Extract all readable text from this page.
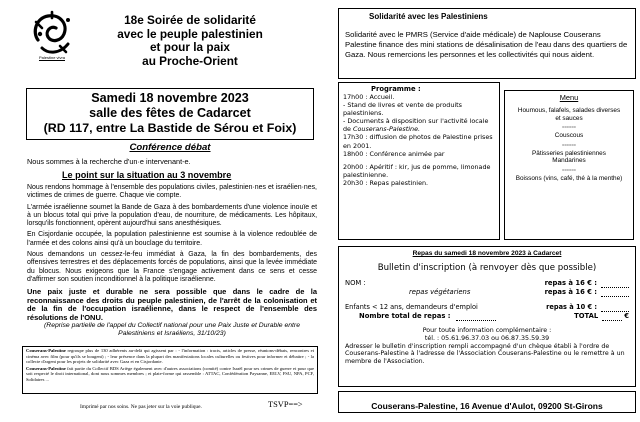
Palestine vivra
18e Soirée de solidarité
avec le peuple palestinien
et pour la paix
au Proche-Orient
Samedi 18 novembre 2023
salle des fêtes de Cadarcet
(RD 117, entre La Bastide de Sérou et Foix)
Conférence débat
Nous sommes à la recherche d'un·e intervenant-e.
Le point sur la situation au 3 novembre

Nous rendons hommage à l'ensemble des populations civiles, palestinien·nes et israélien·nes, victimes de crimes de guerre. Chaque vie compte.

L'armée israélienne soumet la Bande de Gaza à des bombardements d'une violence inouïe et à un blocus total qui prive la population d'eau, de nourriture, de médicaments. Les hôpitaux, lorsqu'ils fonctionnent, opèrent aujourd'hui sans anesthésiques.

En Cisjordanie occupée, la population palestinienne est soumise à la violence redoublée de l'armée et des colons ainsi qu'à un bouclage du territoire.

Nous demandons un cessez-le-feu immédiat à Gaza, la fin des bombardements, des offensives terrestres et des déplacements forcés de populations, ainsi que la levée immédiate du blocus. Nous exigeons que la France s'engage activement dans ce sens et cesse d'affirmer son soutien inconditionnel à la politique israélienne.

Une paix juste et durable ne sera possible que dans le cadre de la reconnaissance des droits du peuple palestinien, de l'arrêt de la colonisation et de la fin de l'occupation israélienne, dans le respect de l'ensemble des résolutions de l'ONU.
(Reprise partielle de l'appel du Collectif national pour une Paix Juste et Durable entre Palestiniens et Israéliens, 31/10/23)

Couserans-Palestine regroupe plus de 130 adhérents au-delà qui agissent par : - l'information : tracts, articles de presse, réunions-débats, rencontres et cinéma avec film (pour qu'ils se bougent) ; - leur présence dans la plupart des manifestations locales culturelles ou festives pour informer et débattre ; - la collecte d'argent pour les projets de solidarité avec Gaza et en Cisjordanie.

Couserans-Palestine fait partie du Collectif BDS Ariège également avec d'autres associations (comité) contre Israël pour ses crimes de guerre et pour que soit respecté le droit international, dont nous sommes membres ; et plate-forme qui rassemble : ATTAC, Confédération Paysanne, EELV, FSU, NPA, PCF, Solidaires ...

Imprimé par nos soins. Ne pas jeter sur la voie publique.	TSVP==>
Solidarité avec les Palestiniens
Solidarité avec le PMRS (Service d'aide médicale) de Naplouse Couserans Palestine finance des mini stations de désalinisation de l'eau dans des quartiers de Gaza. Nous remercions les personnes et les collectivités qui nous aident.
Programme :
17h00 : Accueil.
- Stand de livres et vente de produits palestiniens.
- Documents à disposition sur l'activité locale de Couserans-Palestine.
17h30 : diffusion de photos de Palestine prises en 2001.
18h00 : Conférence animée par
20h00 : Apéritif : kir, jus de pomme, limonade palestinienne.
20h30 : Repas palestinien.
Menu
Houmous, falafels, salades diverses et sauces
======
Couscous
======
Pâtisseries palestiniennes Mandarines
======
Boissons (vins, café, thé à la menthe)
Repas du samedi 18 novembre 2023 à Cadarcet
Bulletin d'inscription (à renvoyer dès que possible)
NOM :	repas à 16 € :
repas végétariens	repas à 16 € :
Enfants < 12 ans, demandeurs d'emploi	repas à 10 € :
Nombre total de repas :	TOTAL	€
Pour toute information complémentaire :
tél. : 05.61.96.37.03 ou 06.87.35.59.39
Adresser le bulletin d'inscription rempli accompagné d'un chèque établi à l'ordre de Couserans-Palestine à l'adresse de l'Association Couserans-Palestine ou le remettre à un membre de l'Association.
Couserans-Palestine, 16 Avenue d'Aulot, 09200 St-Girons
